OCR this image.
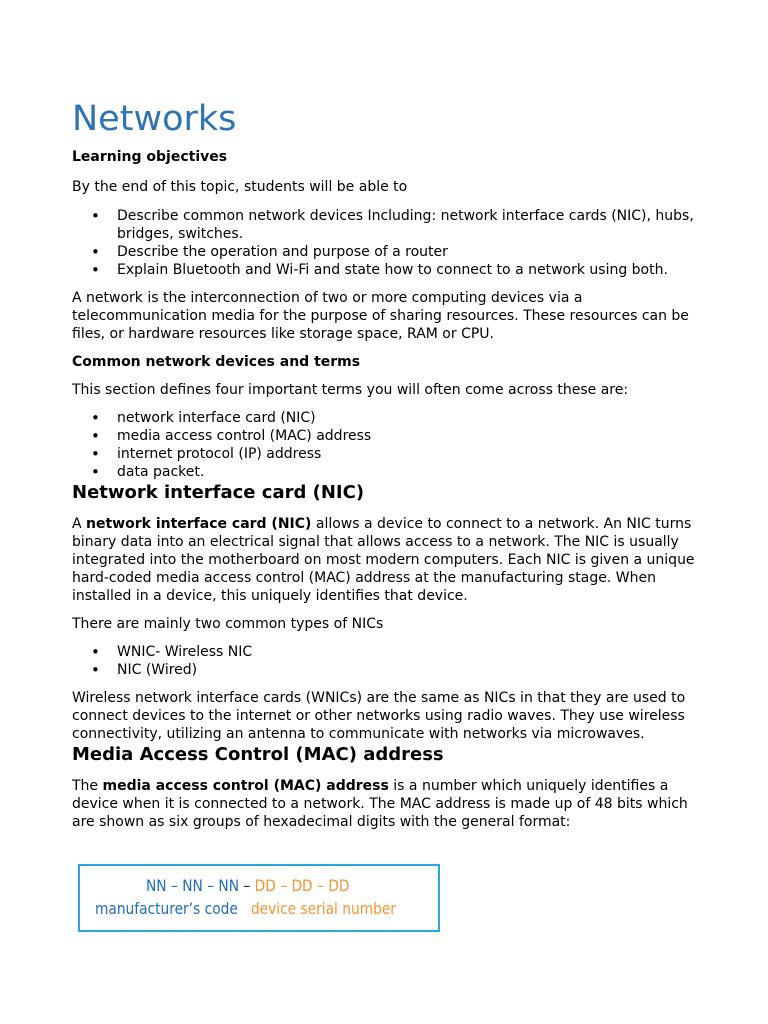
Networks
Learning objectives

By the end of this topic, students will be able to

• Describe common network devices Including: network interface cards (NIC), hubs, bridges, switches.
• Describe the operation and purpose of a router
• Explain Bluetooth and Wi-Fi and state how to connect to a network using both.

A network is the interconnection of two or more computing devices via a telecommunication media for the purpose of sharing resources. These resources can be files, or hardware resources like storage space, RAM or CPU.

Common network devices and terms

This section defines four important terms you will often come across these are:

• network interface card (NIC)
• media access control (MAC) address
• internet protocol (IP) address
• data packet.
Network interface card (NIC)

A network interface card (NIC) allows a device to connect to a network. An NIC turns binary data into an electrical signal that allows access to a network. The NIC is usually integrated into the motherboard on most modern computers. Each NIC is given a unique hard-coded media access control (MAC) address at the manufacturing stage. When installed in a device, this uniquely identifies that device.

There are mainly two common types of NICs

• WNIC- Wireless NIC
• NIC (Wired)

Wireless network interface cards (WNICs) are the same as NICs in that they are used to connect devices to the internet or other networks using radio waves. They use wireless connectivity, utilizing an antenna to communicate with networks via microwaves.

Media Access Control (MAC) address

The media access control (MAC) address is a number which uniquely identifies a device when it is connected to a network. The MAC address is made up of 48 bits which are shown as six groups of hexadecimal digits with the general format:

NN – NN – NN – DD – DD – DD
manufacturer’s code device serial number
